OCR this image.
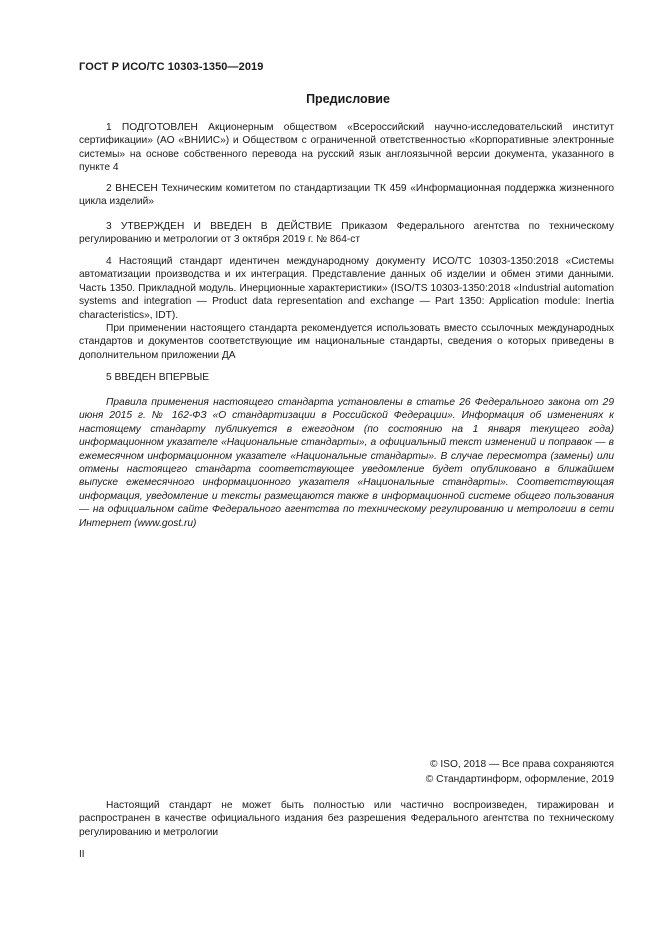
ГОСТ Р ИСО/ТС 10303-1350—2019
Предисловие

1 ПОДГОТОВЛЕН Акционерным обществом «Всероссийский научно-исследовательский институт сертификации» (АО «ВНИИС») и Обществом с ограниченной ответственностью «Корпоративные электронные системы» на основе собственного перевода на русский язык англоязычной версии документа, указанного в пункте 4

2 ВНЕСЕН Техническим комитетом по стандартизации ТК 459 «Информационная поддержка жизненного цикла изделий»

3 УТВЕРЖДЕН И ВВЕДЕН В ДЕЙСТВИЕ Приказом Федерального агентства по техническому регулированию и метрологии от 3 октября 2019 г. № 864-ст

4 Настоящий стандарт идентичен международному документу ИСО/ТС 10303-1350:2018 «Системы автоматизации производства и их интеграция. Представление данных об изделии и обмен этими данными. Часть 1350. Прикладной модуль. Инерционные характеристики» (ISO/TS 10303-1350:2018 «Industrial automation systems and integration — Product data representation and exchange — Part 1350: Application module: Inertia characteristics», IDT).

При применении настоящего стандарта рекомендуется использовать вместо ссылочных международных стандартов и документов соответствующие им национальные стандарты, сведения о которых приведены в дополнительном приложении ДА

5 ВВЕДЕН ВПЕРВЫЕ

Правила применения настоящего стандарта установлены в статье 26 Федерального закона от 29 июня 2015 г. № 162-ФЗ «О стандартизации в Российской Федерации». Информация об изменениях к настоящему стандарту публикуется в ежегодном (по состоянию на 1 января текущего года) информационном указателе «Национальные стандарты», а официальный текст изменений и поправок — в ежемесячном информационном указателе «Национальные стандарты». В случае пересмотра (замены) или отмены настоящего стандарта соответствующее уведомление будет опубликовано в ближайшем выпуске ежемесячного информационного указателя «Национальные стандарты». Соответствующая информация, уведомление и тексты размещаются также в информационной системе общего пользования — на официальном сайте Федерального агентства по техническому регулированию и метрологии в сети Интернет (www.gost.ru)

© ISO, 2018 — Все права сохраняются
© Стандартинформ, оформление, 2019

Настоящий стандарт не может быть полностью или частично воспроизведен, тиражирован и распространен в качестве официального издания без разрешения Федерального агентства по техническому регулированию и метрологии

II
